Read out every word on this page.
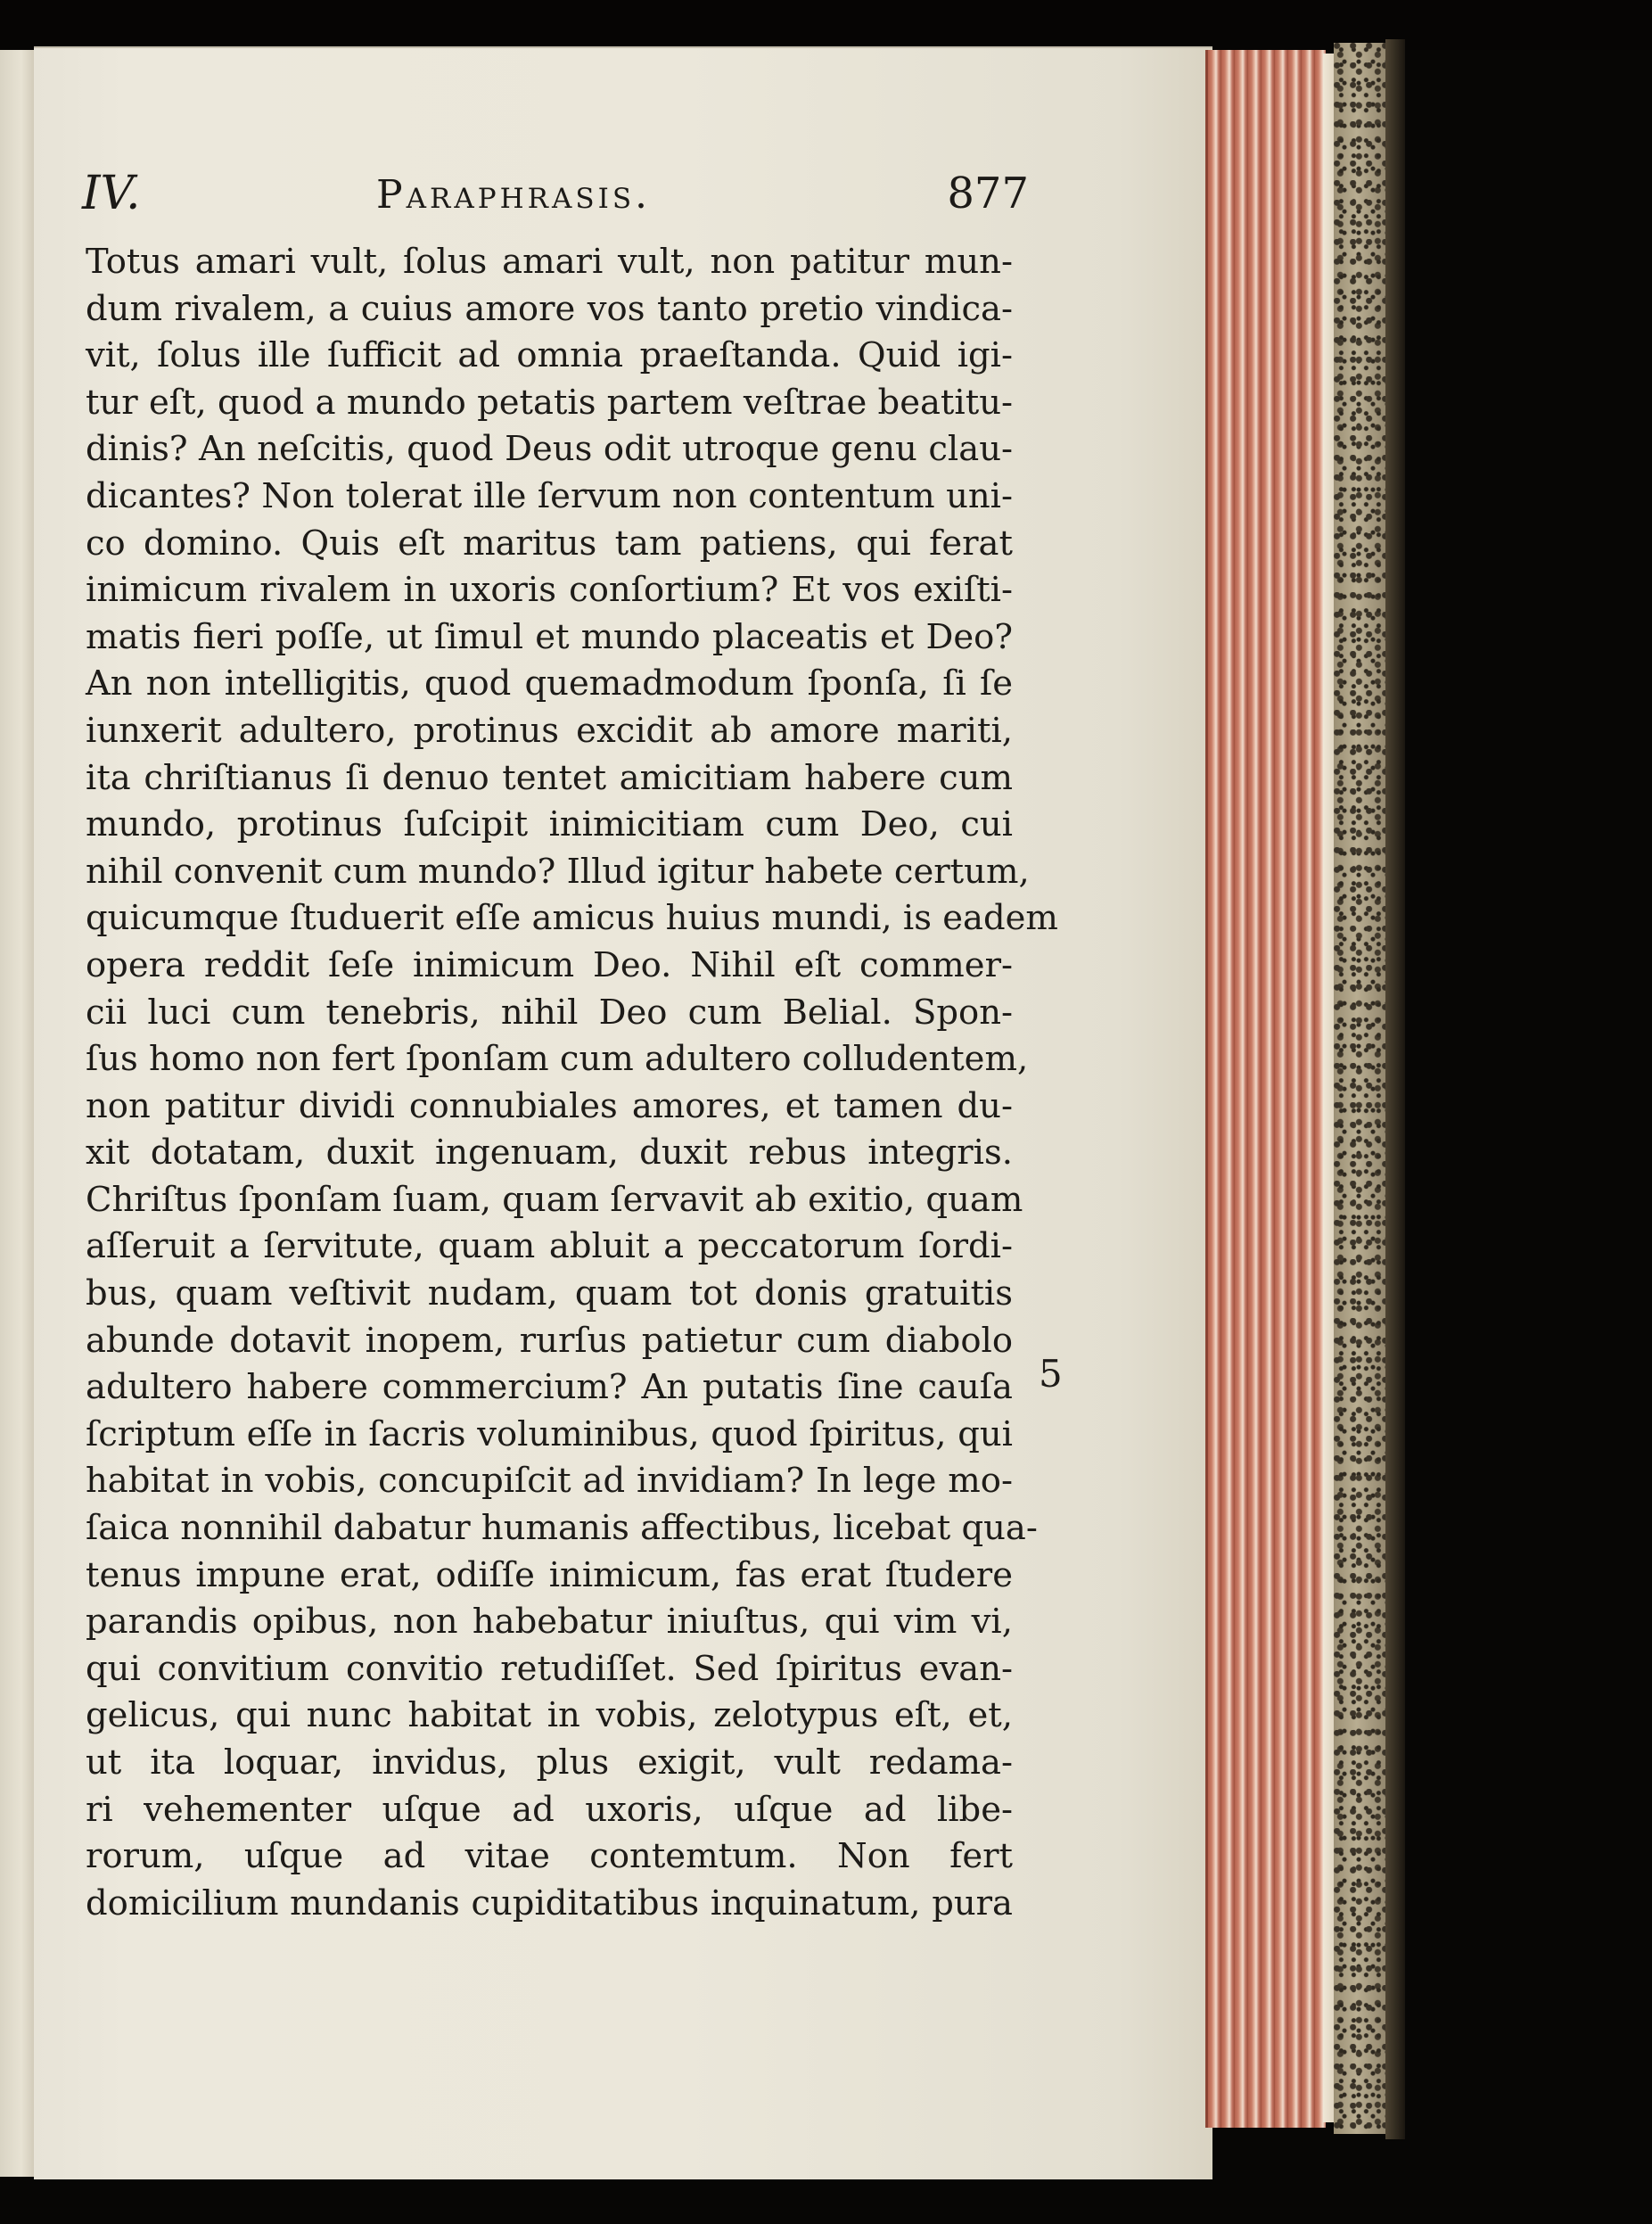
IV.	Paraphrasis.	877
Totus amari vult, ſolus amari vult, non patitur mun-
dum rivalem, a cuius amore vos tanto pretio vindica-
vit, ſolus ille ſufficit ad omnia praeſtanda. Quid igi-
tur eſt, quod a mundo petatis partem veſtrae beatitu-
dinis? An neſcitis, quod Deus odit utroque genu clau-
dicantes? Non tolerat ille ſervum non contentum uni-
co domino. Quis eſt maritus tam patiens, qui ferat
inimicum rivalem in uxoris conſortium? Et vos exiſti-
matis fieri poſſe, ut ſimul et mundo placeatis et Deo?
An non intelligitis, quod quemadmodum ſponſa, ſi ſe
iunxerit adultero, protinus excidit ab amore mariti,
ita chriſtianus ſi denuo tentet amicitiam habere cum
mundo, protinus ſuſcipit inimicitiam cum Deo, cui
nihil convenit cum mundo? Illud igitur habete certum,
quicumque ſtuduerit eſſe amicus huius mundi, is eadem
opera reddit ſeſe inimicum Deo. Nihil eſt commer-
cii luci cum tenebris, nihil Deo cum Belial. Spon-
ſus homo non fert ſponſam cum adultero colludentem,
non patitur dividi connubiales amores, et tamen du-
xit dotatam, duxit ingenuam, duxit rebus integris.
Chriſtus ſponſam ſuam, quam ſervavit ab exitio, quam
aſſeruit a ſervitute, quam abluit a peccatorum ſordi-
bus, quam veſtivit nudam, quam tot donis gratuitis
abunde dotavit inopem, rurſus patietur cum diabolo
adultero habere commercium? An putatis ſine cauſa
ſcriptum eſſe in ſacris voluminibus, quod ſpiritus, qui
habitat in vobis, concupiſcit ad invidiam? In lege mo-
ſaica nonnihil dabatur humanis affectibus, licebat qua-
tenus impune erat, odiſſe inimicum, fas erat ſtudere
parandis opibus, non habebatur iniuſtus, qui vim vi,
qui convitium convitio retudiſſet. Sed ſpiritus evan-
gelicus, qui nunc habitat in vobis, zelotypus eſt, et,
ut ita loquar, invidus, plus exigit, vult redama-
ri vehementer uſque ad uxoris, uſque ad libe-
rorum, uſque ad vitae contemtum. Non fert
domicilium mundanis cupiditatibus inquinatum, pura
5
